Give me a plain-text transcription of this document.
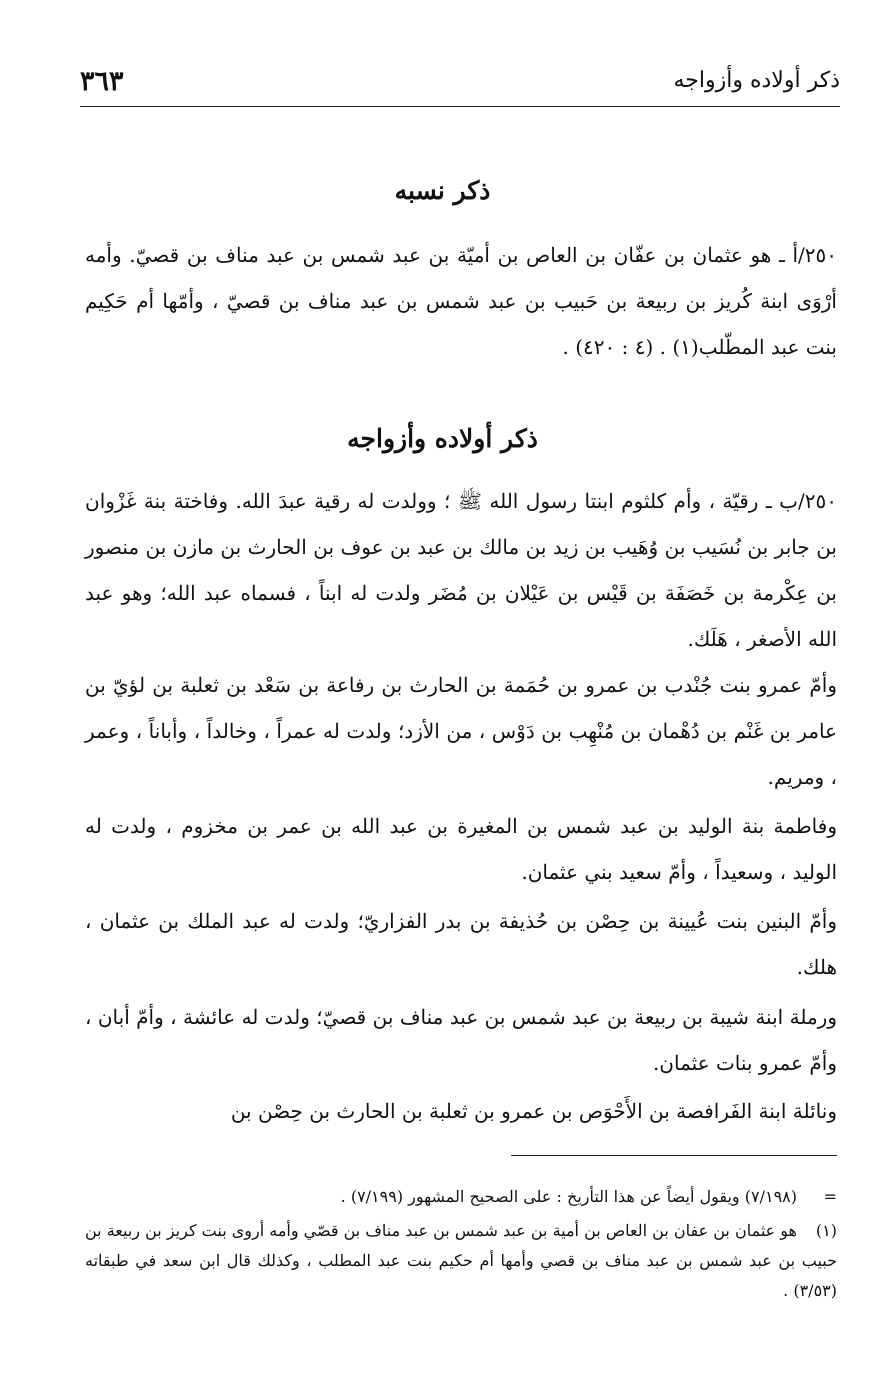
ذكر أولاده وأزواجه
٣٦٣
ذكر نسبه
٢٥٠/أ ـ هو عثمان بن عفّان بن العاص بن أميّة بن عبد شمس بن عبد مناف بن قصيّ. وأمه أرْوَى ابنة كُريز بن ربيعة بن حَبيب بن عبد شمس بن عبد مناف بن قصيّ ، وأمّها أم حَكِيم بنت عبد المطّلب(١) . (٤ : ٤٢٠) .
ذكر أولاده وأزواجه
٢٥٠/ب ـ رقيّة ، وأم كلثوم ابنتا رسول الله ﷺ ؛ وولدت له رقية عبدَ الله. وفاختة بنة غَزْوان بن جابر بن نُسَيب بن وُهَيب بن زيد بن مالك بن عبد بن عوف بن الحارث بن مازن بن منصور بن عِكْرمة بن خَصَفَة بن قَيْس بن عَيْلان بن مُضَر ولدت له ابناً ، فسماه عبد الله؛ وهو عبد الله الأصغر ، هَلَك.
وأمّ عمرو بنت جُنْدب بن عمرو بن حُمَمة بن الحارث بن رفاعة بن سَعْد بن ثعلبة بن لؤيّ بن عامر بن غَنْم بن دُهْمان بن مُنْهِب بن دَوْس ، من الأزد؛ ولدت له عمراً ، وخالداً ، وأباناً ، وعمر ، ومريم.
وفاطمة بنة الوليد بن عبد شمس بن المغيرة بن عبد الله بن عمر بن مخزوم ، ولدت له الوليد ، وسعيداً ، وأمّ سعيد بني عثمان.
وأمّ البنين بنت عُيينة بن حِصْن بن حُذيفة بن بدر الفزاريّ؛ ولدت له عبد الملك بن عثمان ، هلك.
ورملة ابنة شيبة بن ربيعة بن عبد شمس بن عبد مناف بن قصيّ؛ ولدت له عائشة ، وأمّ أبان ، وأمّ عمرو بنات عثمان.
ونائلة ابنة الفَرافصة بن الأَحْوَص بن عمرو بن ثعلبة بن الحارث بن حِصْن بن
=(٧/١٩٨) ويقول أيضاً عن هذا التأريخ : على الصحيح المشهور (٧/١٩٩) .
(١)هو عثمان بن عفان بن العاص بن أمية بن عبد شمس بن عبد مناف بن قصّي وأمه أروى بنت كريز بن ربيعة بن حبيب بن عبد شمس بن عبد مناف بن قصي وأمها أم حكيم بنت عبد المطلب ، وكذلك قال ابن سعد في طبقاته (٣/٥٣) .
